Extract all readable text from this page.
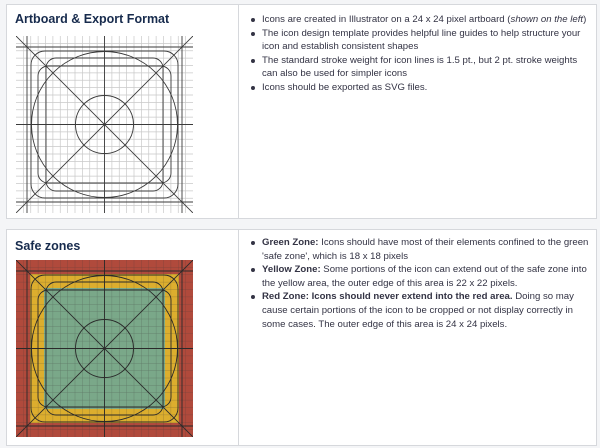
Artboard & Export Format	Icons are created in Illustrator on a 24 x 24 pixel artboard (shown on the left)
The icon design template provides helpful line guides to help structure your icon and establish consistent shapes
The standard stroke weight for icon lines is 1.5 pt., but 2 pt. stroke weights can also be used for simpler icons
Icons should be exported as SVG files.
Safe zones	Green Zone: Icons should have most of their elements confined to the green 'safe zone', which is 18 x 18 pixels
Yellow Zone: Some portions of the icon can extend out of the safe zone into the yellow area, the outer edge of this area is 22 x 22 pixels.
Red Zone: Icons should never extend into the red area. Doing so may cause certain portions of the icon to be cropped or not display correctly in some cases. The outer edge of this area is 24 x 24 pixels.
